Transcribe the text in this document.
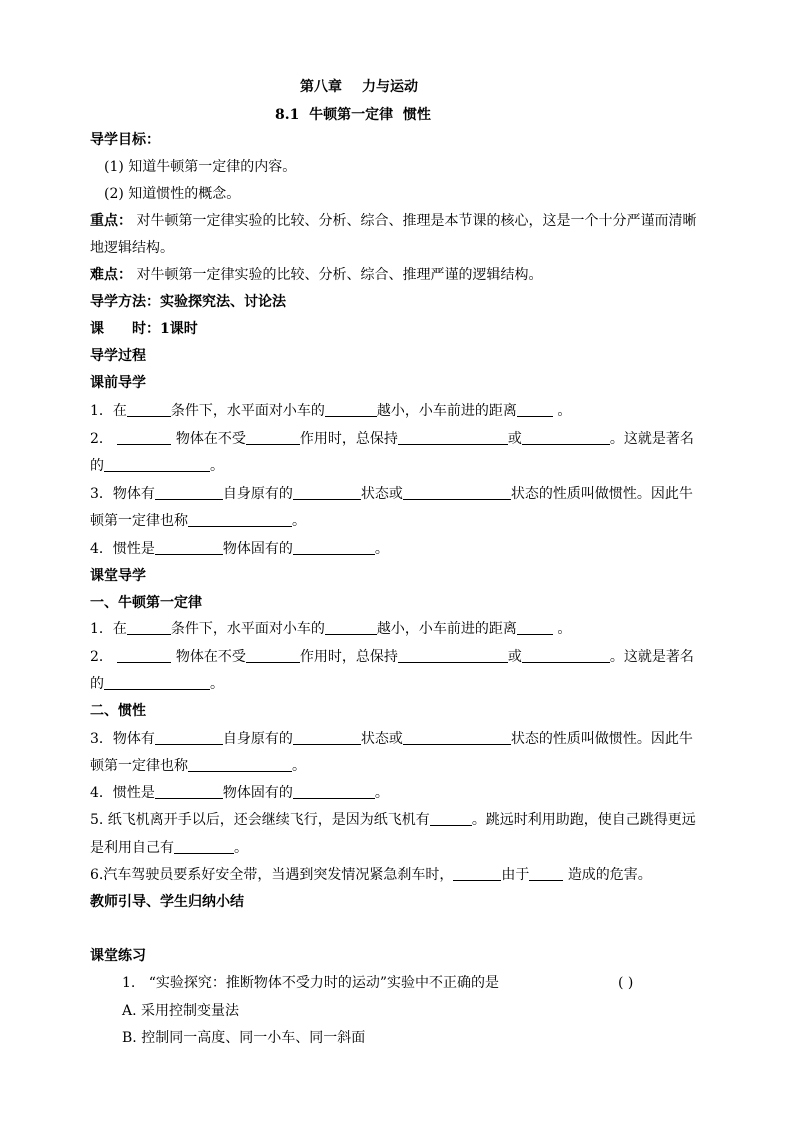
第八章 力与运动
8.1 牛顿第一定律 惯性
导学目标：
(1) 知道牛顿第一定律的内容。
(2) 知道惯性的概念。
重点： 对牛顿第一定律实验的比较、分析、综合、推理是本节课的核心，这是一个十分严谨而清晰
地逻辑结构。
难点： 对牛顿第一定律实验的比较、分析、综合、推理严谨的逻辑结构。
导学方法：实验探究法、讨论法
课 时：1课时
导学过程
课前导学
1．在	条件下，水平面对小车的	越小，小车前进的距离	。
2．	物体在不受	作用时，总保持	或	。这就是著名
的	。
3．物体有	自身原有的	状态或	状态的性质叫做惯性。因此牛
顿第一定律也称	。
4．惯性是	物体固有的	。
课堂导学
一、牛顿第一定律
1．在	条件下，水平面对小车的	越小，小车前进的距离	。
2．	物体在不受	作用时，总保持	或	。这就是著名
的	。
二、惯性
3．物体有	自身原有的	状态或	状态的性质叫做惯性。因此牛
顿第一定律也称	。
4．惯性是	物体固有的	。
5. 纸飞机离开手以后，还会继续飞行，是因为纸飞机有	。跳远时利用助跑，使自己跳得更远
是利用自己有	。
6.汽车驾驶员要系好安全带，当遇到突发情况紧急刹车时，	由于	造成的危害。
教师引导、学生归纳小结
课堂练习
1. “实验探究：推断物体不受力时的运动”实验中不正确的是	( )
A. 采用控制变量法
B. 控制同一高度、同一小车、同一斜面
